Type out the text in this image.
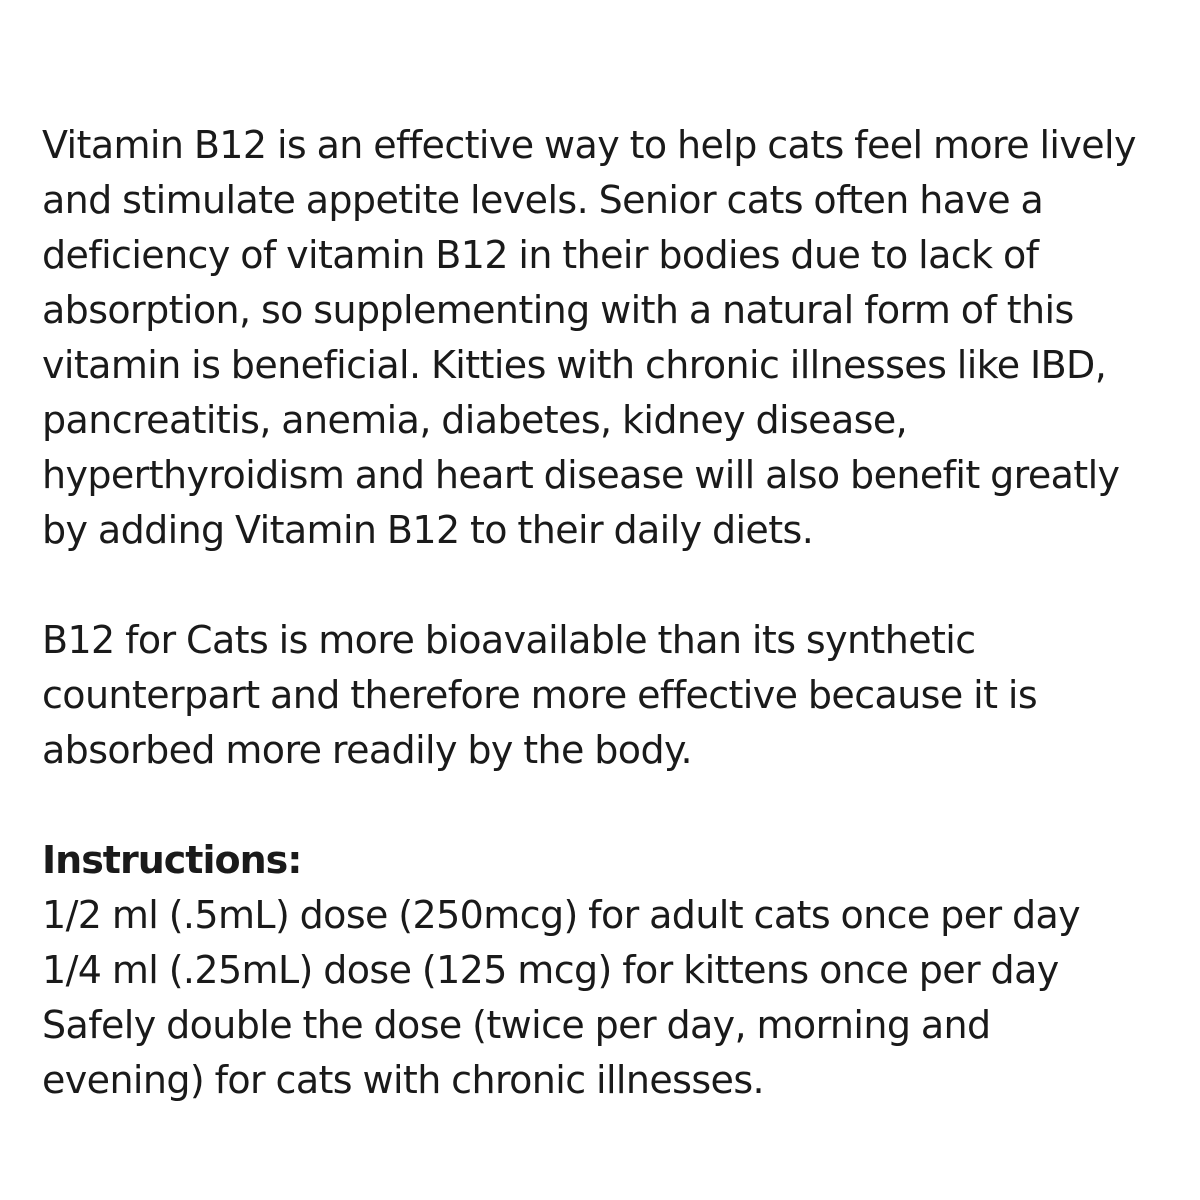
Vitamin B12 is an effective way to help cats feel more lively
and stimulate appetite levels. Senior cats often have a
deficiency of vitamin B12 in their bodies due to lack of
absorption, so supplementing with a natural form of this
vitamin is beneficial. Kitties with chronic illnesses like IBD,
pancreatitis, anemia, diabetes, kidney disease,
hyperthyroidism and heart disease will also benefit greatly
by adding Vitamin B12 to their daily diets.
B12 for Cats is more bioavailable than its synthetic
counterpart and therefore more effective because it is
absorbed more readily by the body.
Instructions:
1/2 ml (.5mL) dose (250mcg) for adult cats once per day
1/4 ml (.25mL) dose (125 mcg) for kittens once per day
Safely double the dose (twice per day, morning and
evening) for cats with chronic illnesses.
